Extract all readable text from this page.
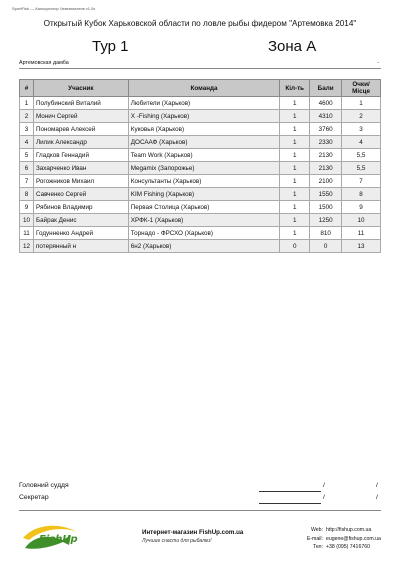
SportFish — Калькулятор Чемпионатов v1.0x
Открытый Кубок Харьковской области по ловле рыбы фидером "Артемовка 2014"
Тур 1	Зона А
Артемовская дамба	-
#	Учасник	Команда	Кіл-ть	Бали	Очки/
Місце
1	Полубинский Виталий	Любители (Харьков)	1	4600	1
2	Монич Сергей	X -Fishing (Харьков)	1	4310	2
3	Пономарев Алексей	Куковья (Харьков)	1	3760	3
4	Лилик Александр	ДОСААФ (Харьков)	1	2330	4
5	Гладков Геннадий	Team Work (Харьков)	1	2130	5,5
6	Захарченко Иван	Megamix (Запорожье)	1	2130	5,5
7	Рогожников Михаил	Консультанты (Харьков)	1	2100	7
8	Савченко Сергей	KIM Fishing (Харьков)	1	1550	8
9	Рябинов Владимир	Первая Столица (Харьков)	1	1500	9
10	Байрак Денис	ХРФК-1 (Харьков)	1	1250	10
11	Годунненко Андрей	Торнадо - ФРСХО (Харьков)	1	810	11
12	потерянный н	6н2 (Харьков)	0	0	13
Головний суддя	/	/
Секретар	/	/
FishUp
Интернет-магазин FishUp.com.ua
Лучшие снасти для рыбалки!
Web: http://fishup.com.ua
E-mail: eugene@fishup.com.ua
Тел: +38 (095) 7416760
